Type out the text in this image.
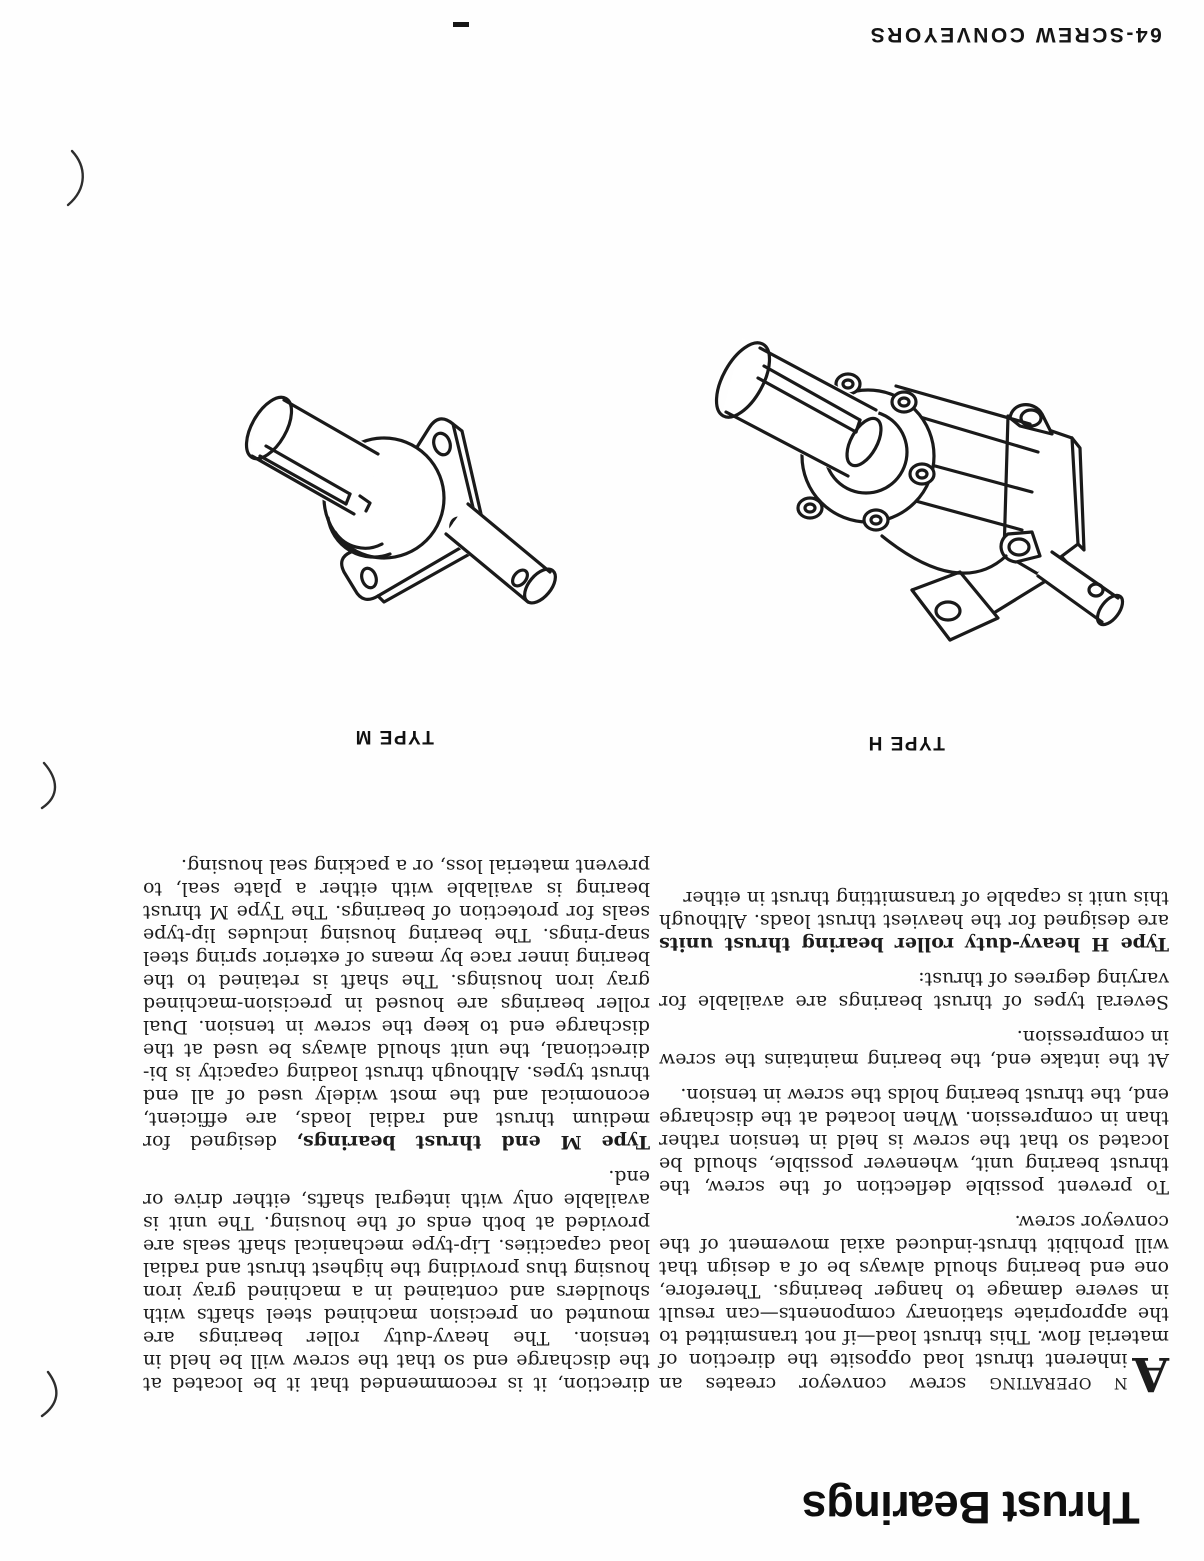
64-SCREW CONVEYORS
TYPE H
TYPE M

A
N OPERATING screw conveyor creates an inherent thrust load opposite the direction of material flow. This thrust load—if not transmitted to the appropriate stationary components—can result in severe damage to hanger bearings. Therefore, one end bearing should always be of a design that will prohibit thrust-induced axial movement of the conveyor screw.

To prevent possible deflection of the screw, the thrust bearing unit, whenever possible, should be located so that the screw is held in tension rather than in compression. When located at the discharge end, the thrust bearing holds the screw in tension.

At the intake end, the bearing maintains the screw in compression.

Several types of thrust bearings are available for varying degrees of thrust:

Type H heavy-duty roller bearing thrust units are designed for the heaviest thrust loads. Although this unit is capable of transmitting thrust in either

direction, it is recommended that it be located at the discharge end so that the screw will be held in tension. The heavy-duty roller bearings are mounted on precision machined steel shafts with shoulders and contained in a machined gray iron housing thus providing the highest thrust and radial load capacities. Lip-type mechanical shaft seals are provided at both ends of the housing. The unit is available only with integral shafts, either drive or end.

Type M end thrust bearings, designed for medium thrust and radial loads, are efficient, economical and the most widely used of all end thrust types. Although thrust loading capacity is bi-directional, the unit should always be used at the discharge end to keep the screw in tension. Dual roller bearings are housed in precision-machined gray iron housings. The shaft is retained to the bearing inner race by means of exterior spring steel snap-rings. The bearing housing includes lip-type seals for protection of bearings. The Type M thrust bearing is available with either a plate seal, to prevent material loss, or a packing seal housing.

Thrust Bearings
